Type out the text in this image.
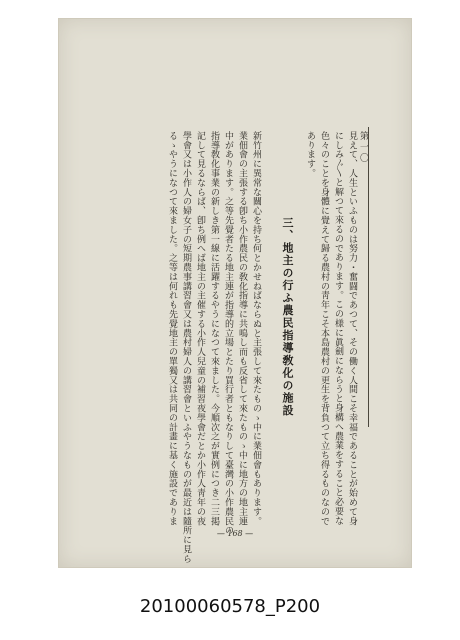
第一〇
見えて、人生といふものは努力・奮闘であつて、その働く人間こそ幸福であることが始めて身
にしみ〴〵と解つて來るのであります。この様に眞劍にならうと身構へ農業をすること必要な
色々のことを身體に覺えて歸る農村の靑年こそ本島農村の更生を背負つて立ち得るものなので
あります。
三、地主の行ふ農民指導敎化の施設
新竹州に異常な關心を持ち何とかせねばならぬと主張して來たものゝ中に業佃會もあります。
業佃會の主張する卽ち小作農民の敎化指導に共鳴し而も反省して來たものゝ中に地方の地主連
中があります。之等先覺者たる地主連が指導的立場とたり買行者ともなりして臺灣の小作農民の
指導敎化事業の新しき第一線に活躍するやうになつて來ました。今順次之が實例につき二三掲
記して見るならば、卽ち例へば地主の主催する小作人兒童の補習夜學會だとか小作人靑年の夜
學會又は小作人の婦女子の短期農事講習會又は農村婦人の講習會といふやうなものが最近は隨所に見ら
るゝやうになつて來ました。之等は何れも先覺地主の單獨又は共同の計畫に基く施設でありま
— 168 —
20100060578_P200
